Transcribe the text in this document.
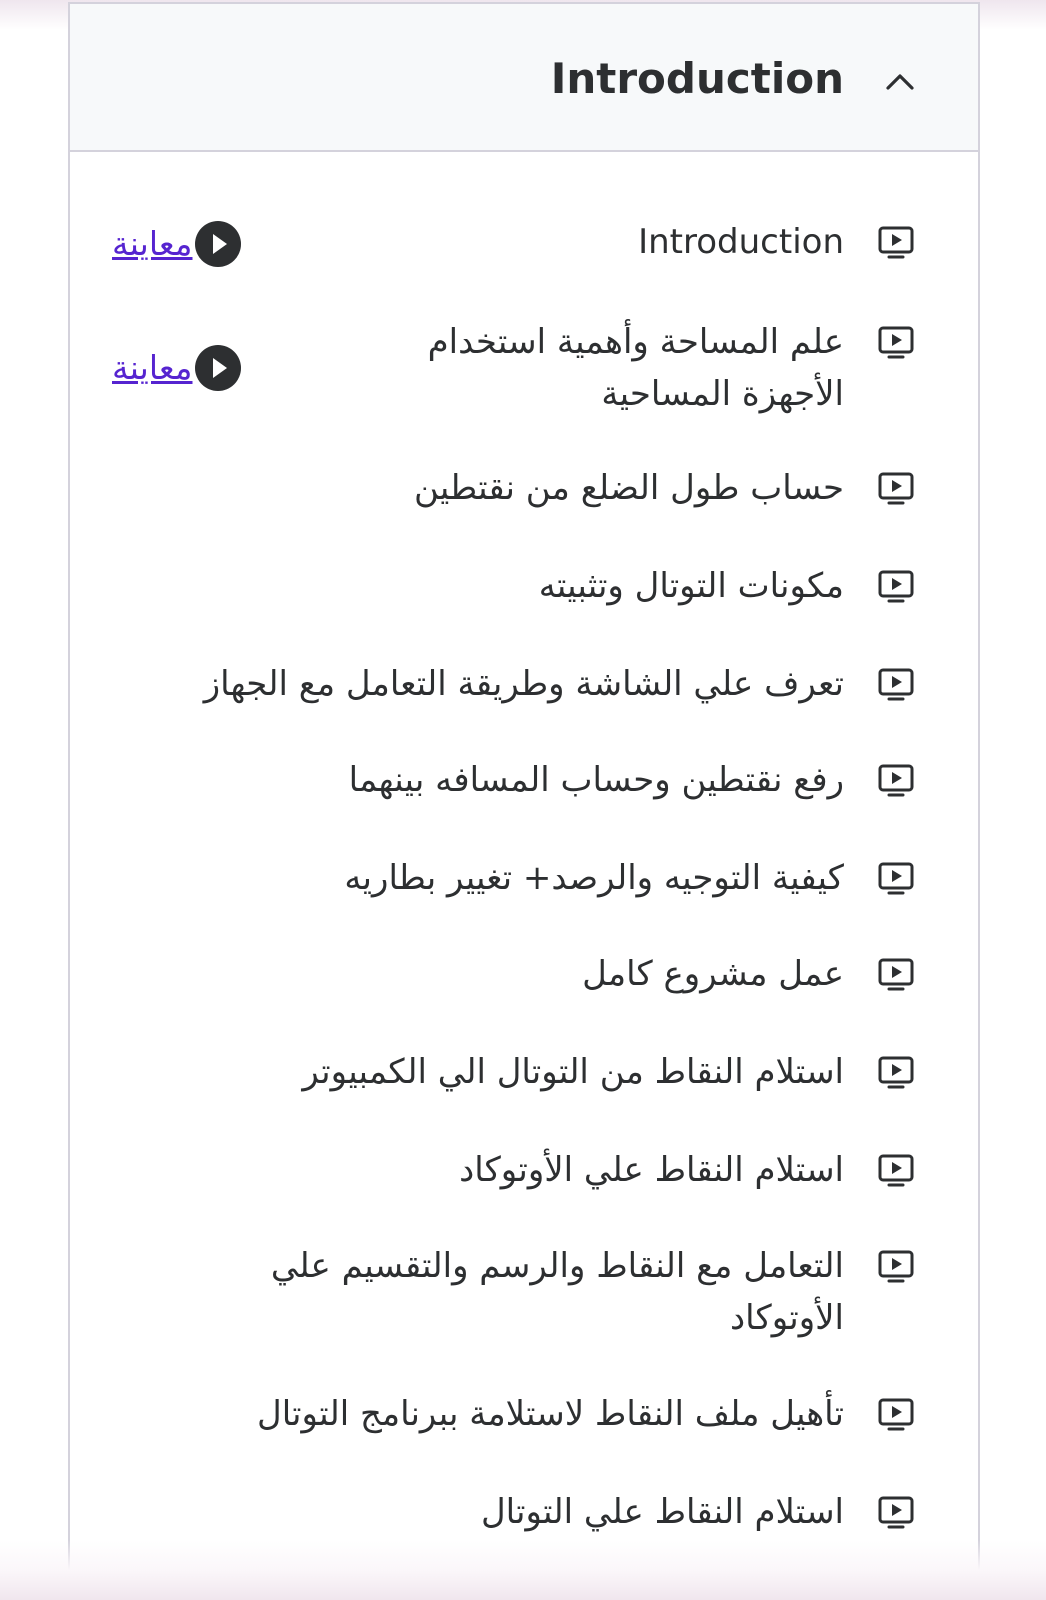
Introduction
Introduction
معاينة
علم المساحة وأهمية استخدام
الأجهزة المساحية
معاينة
حساب طول الضلع من نقتطين
مكونات التوتال وتثبيته
تعرف علي الشاشة وطريقة التعامل مع الجهاز
رفع نقتطين وحساب المسافه بينهما
كيفية التوجيه والرصد+ تغيير بطاريه
عمل مشروع كامل
استلام النقاط من التوتال الي الكمبيوتر
استلام النقاط علي الأوتوكاد
التعامل مع النقاط والرسم والتقسيم علي
الأوتوكاد
تأهيل ملف النقاط لاستلامة ببرنامج التوتال
استلام النقاط علي التوتال
